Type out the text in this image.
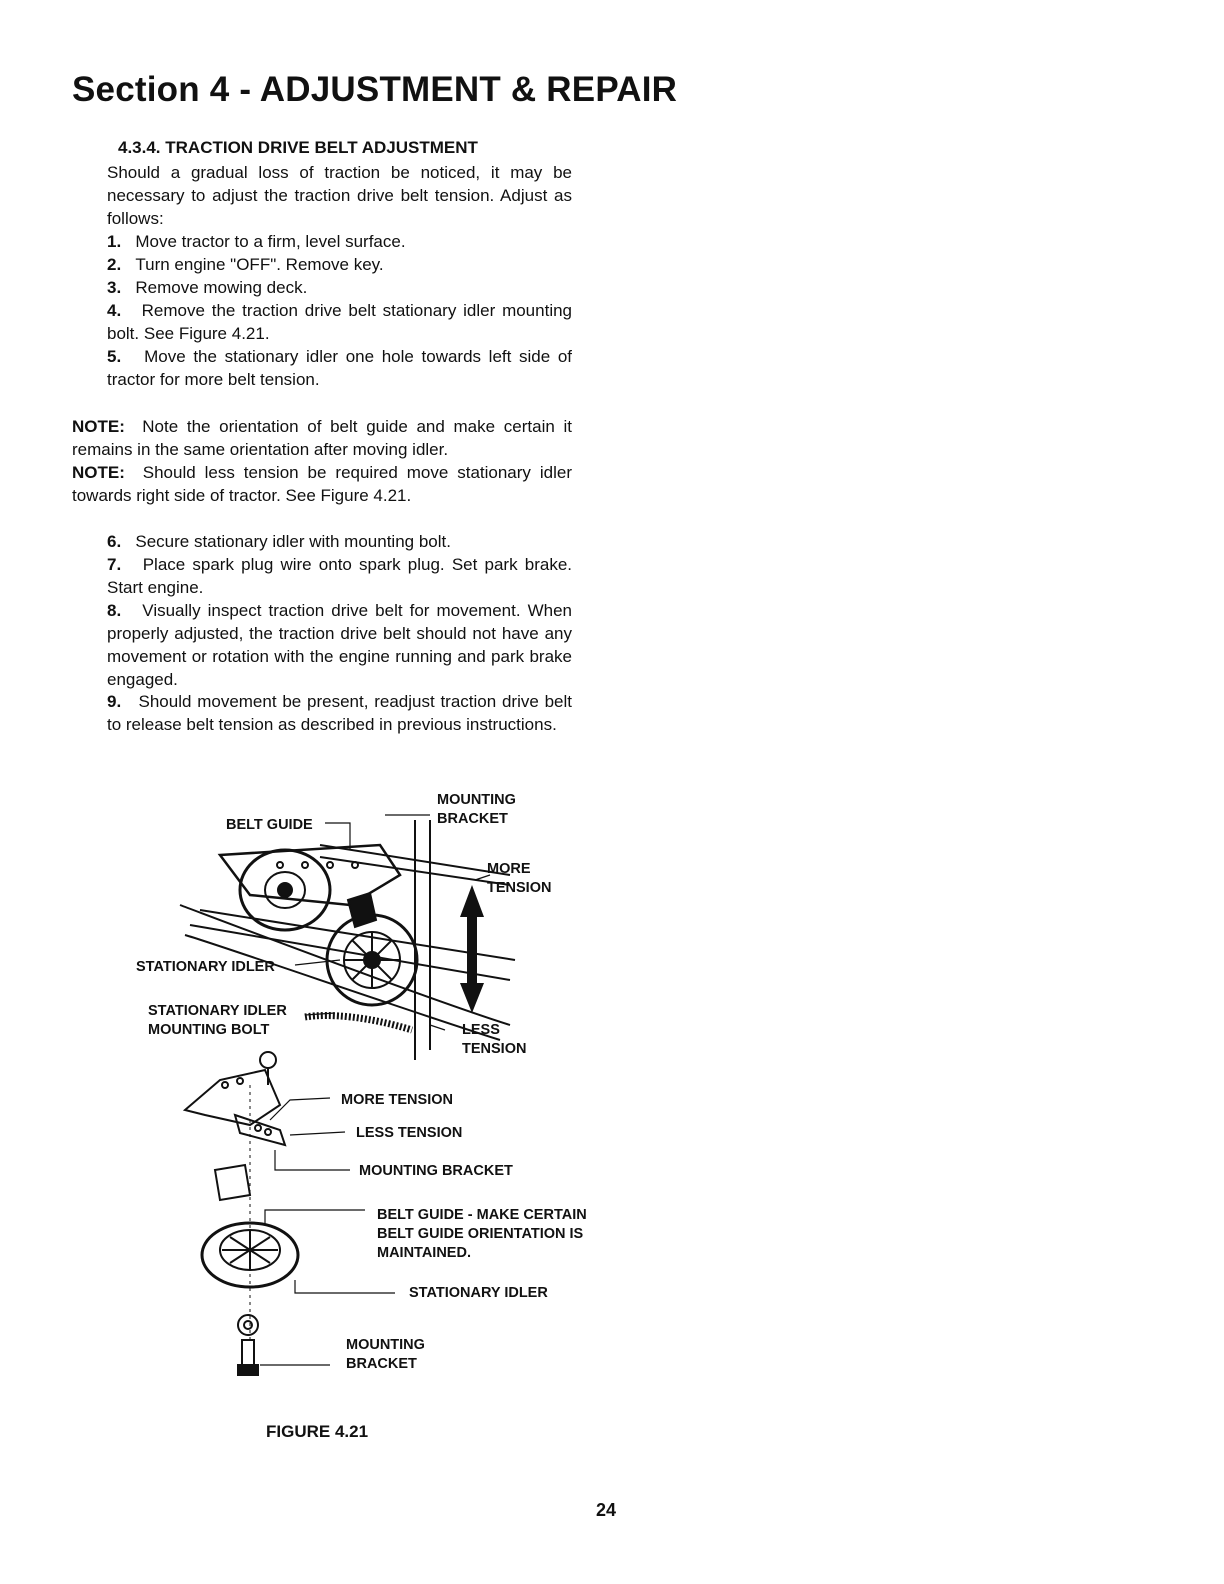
Section 4 - ADJUSTMENT & REPAIR
4.3.4. TRACTION DRIVE BELT ADJUSTMENT
Should a gradual loss of traction be noticed, it may be necessary to adjust the traction drive belt tension. Adjust as follows:
1. Move tractor to a firm, level surface.
2. Turn engine "OFF". Remove key.
3. Remove mowing deck.
4. Remove the traction drive belt stationary idler mounting bolt. See Figure 4.21.
5. Move the stationary idler one hole towards left side of tractor for more belt tension.
NOTE: Note the orientation of belt guide and make certain it remains in the same orientation after moving idler.
NOTE: Should less tension be required move stationary idler towards right side of tractor. See Figure 4.21.
6. Secure stationary idler with mounting bolt.
7. Place spark plug wire onto spark plug. Set park brake. Start engine.
8. Visually inspect traction drive belt for movement. When properly adjusted, the traction drive belt should not have any movement or rotation with the engine running and park brake engaged.
9. Should movement be present, readjust traction drive belt to release belt tension as described in previous instructions.
MOUNTING
BRACKET
BELT GUIDE
MORE
TENSION
STATIONARY IDLER
STATIONARY IDLER
MOUNTING BOLT	LESS
TENSION
MORE TENSION
LESS TENSION
MOUNTING BRACKET
BELT GUIDE - MAKE CERTAIN
BELT GUIDE ORIENTATION IS
MAINTAINED.
STATIONARY IDLER
MOUNTING
BRACKET
FIGURE 4.21
24
